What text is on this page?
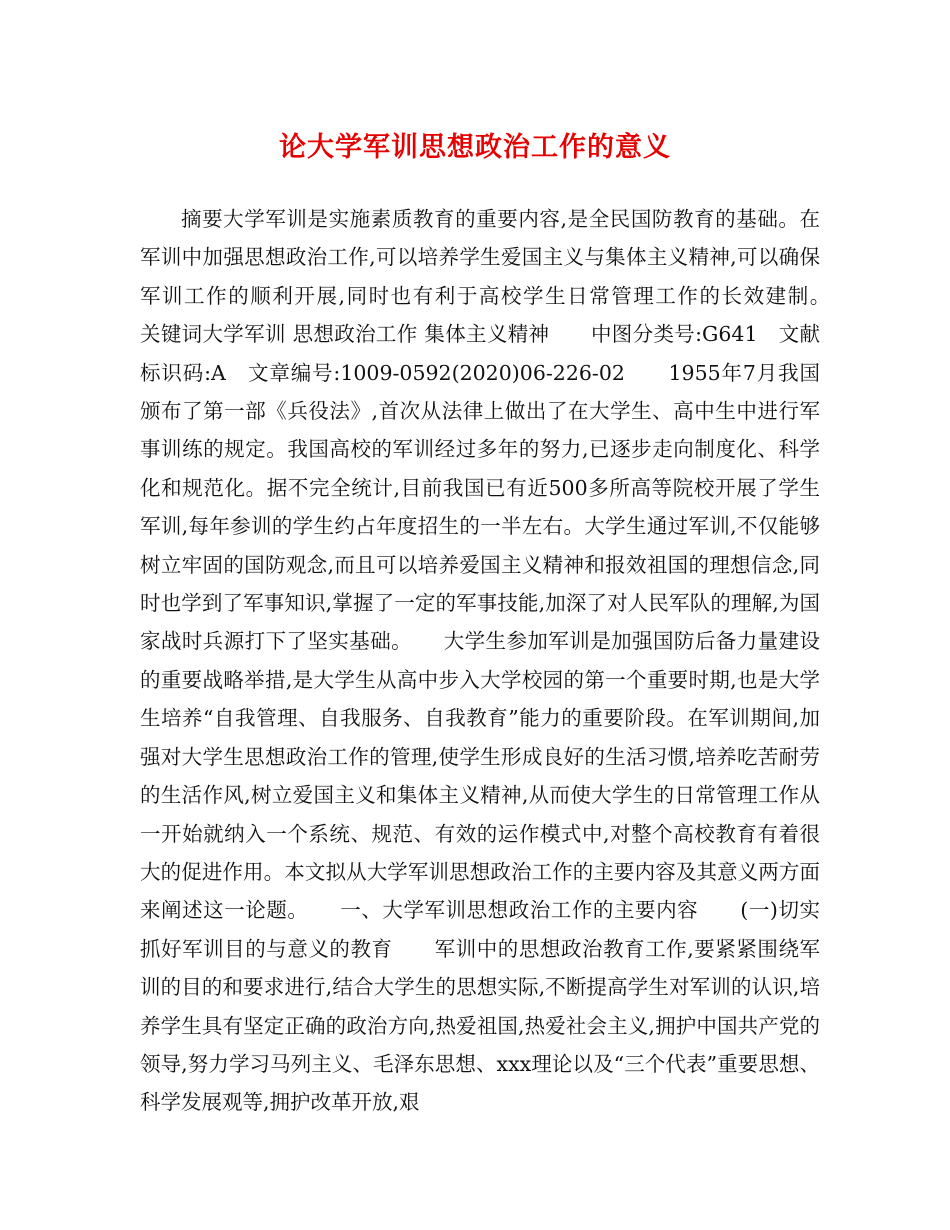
论大学军训思想政治工作的意义

摘要大学军训是实施素质教育的重要内容,是全民国防教育的基础。在军训中加强思想政治工作,可以培养学生爱国主义与集体主义精神,可以确保军训工作的顺利开展,同时也有利于高校学生日常管理工作的长效建制。　　关键词大学军训 思想政治工作 集体主义精神　　中图分类号:G641　文献标识码:A　文章编号:1009-0592(2020)06-226-02　　1955年7月我国颁布了第一部《兵役法》,首次从法律上做出了在大学生、高中生中进行军事训练的规定。我国高校的军训经过多年的努力,已逐步走向制度化、科学化和规范化。据不完全统计,目前我国已有近500多所高等院校开展了学生军训,每年参训的学生约占年度招生的一半左右。大学生通过军训,不仅能够树立牢固的国防观念,而且可以培养爱国主义精神和报效祖国的理想信念,同时也学到了军事知识,掌握了一定的军事技能,加深了对人民军队的理解,为国家战时兵源打下了坚实基础。　　大学生参加军训是加强国防后备力量建设的重要战略举措,是大学生从高中步入大学校园的第一个重要时期,也是大学生培养“自我管理、自我服务、自我教育”能力的重要阶段。在军训期间,加强对大学生思想政治工作的管理,使学生形成良好的生活习惯,培养吃苦耐劳的生活作风,树立爱国主义和集体主义精神,从而使大学生的日常管理工作从一开始就纳入一个系统、规范、有效的运作模式中,对整个高校教育有着很大的促进作用。本文拟从大学军训思想政治工作的主要内容及其意义两方面来阐述这一论题。　　一、大学军训思想政治工作的主要内容　　(一)切实抓好军训目的与意义的教育　　军训中的思想政治教育工作,要紧紧围绕军训的目的和要求进行,结合大学生的思想实际,不断提高学生对军训的认识,培养学生具有坚定正确的政治方向,热爱祖国,热爱社会主义,拥护中国共产党的领导,努力学习马列主义、毛泽东思想、xxx理论以及“三个代表”重要思想、科学发展观等,拥护改革开放,艰
